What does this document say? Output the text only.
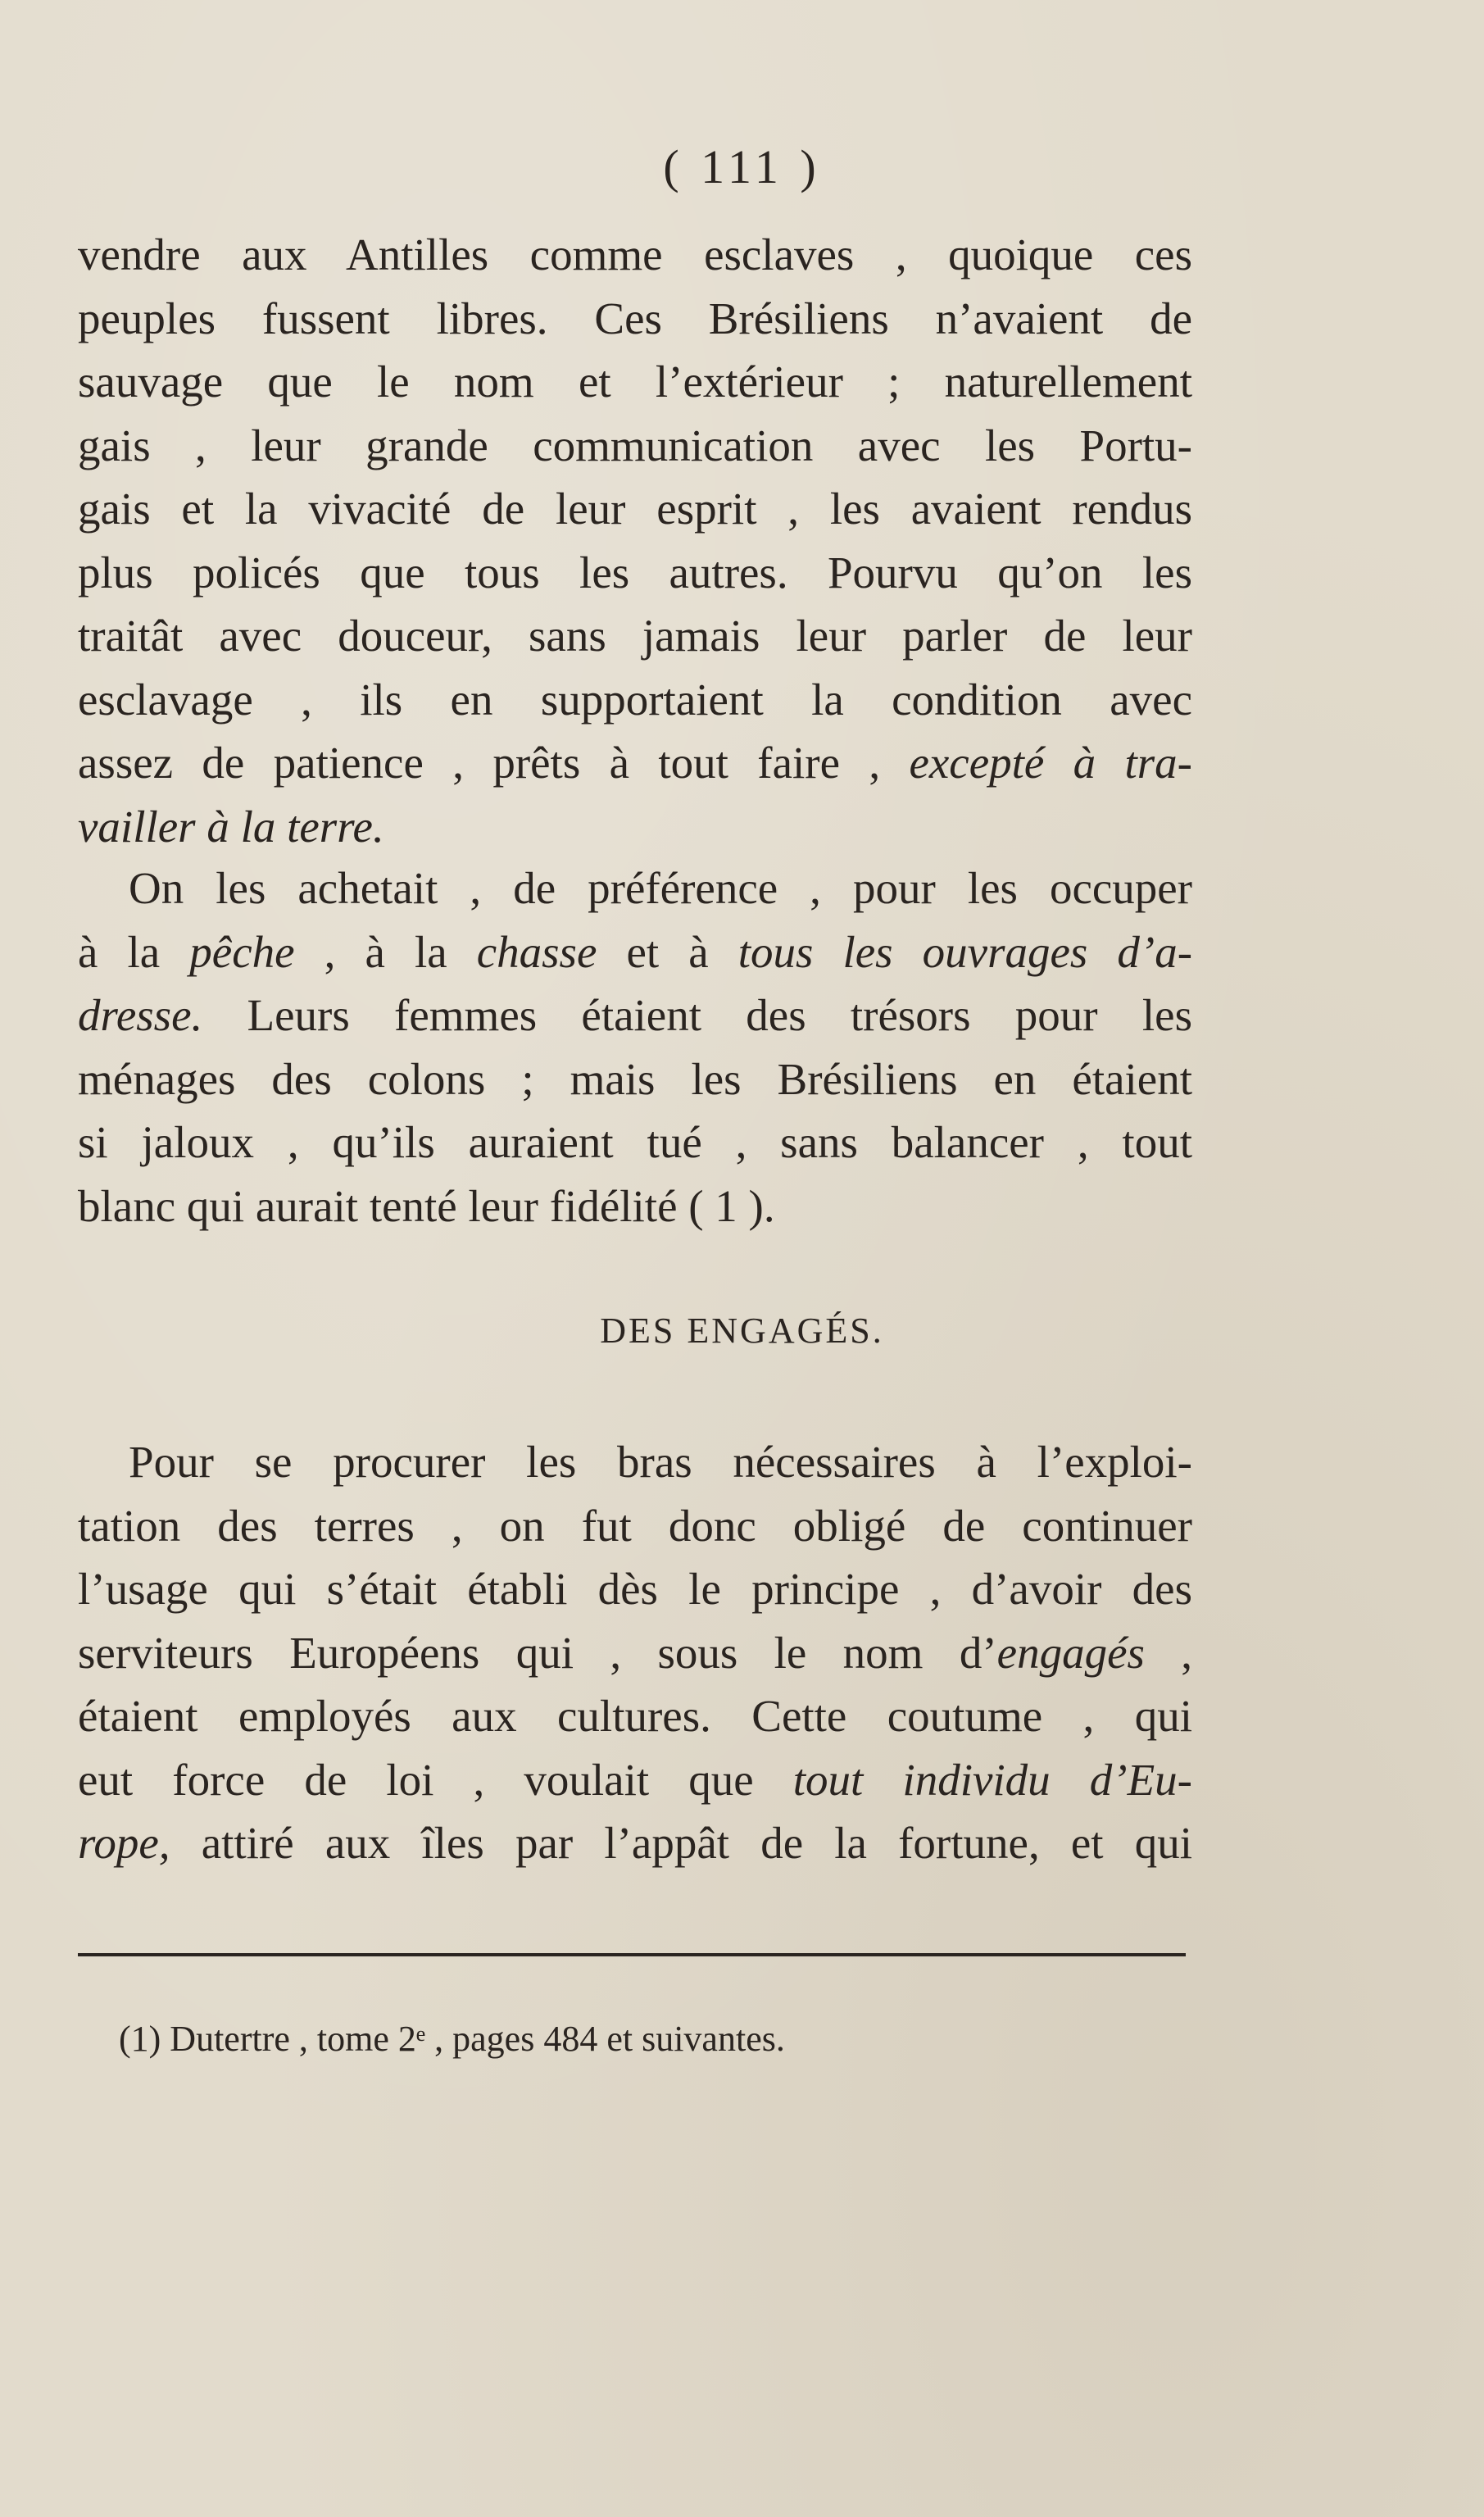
( 111 )
vendre aux Antilles comme esclaves , quoique ces
peuples fussent libres. Ces Brésiliens n’avaient de
sauvage que le nom et l’extérieur ; naturellement
gais , leur grande communication avec les Portu-
gais et la vivacité de leur esprit , les avaient rendus
plus policés que tous les autres. Pourvu qu’on les
traitât avec douceur, sans jamais leur parler de leur
esclavage , ils en supportaient la condition avec
assez de patience , prêts à tout faire , excepté à tra-
vailler à la terre.
On les achetait , de préférence , pour les occuper
à la pêche , à la chasse et à tous les ouvrages d’a-
dresse. Leurs femmes étaient des trésors pour les
ménages des colons ; mais les Brésiliens en étaient
si jaloux , qu’ils auraient tué , sans balancer , tout
blanc qui aurait tenté leur fidélité ( 1 ).
DES ENGAGÉS.
Pour se procurer les bras nécessaires à l’exploi-
tation des terres , on fut donc obligé de continuer
l’usage qui s’était établi dès le principe , d’avoir des
serviteurs Européens qui , sous le nom d’engagés ,
étaient employés aux cultures. Cette coutume , qui
eut force de loi , voulait que tout individu d’Eu-
rope, attiré aux îles par l’appât de la fortune, et qui
(1) Dutertre , tome 2ᵉ , pages 484 et suivantes.
